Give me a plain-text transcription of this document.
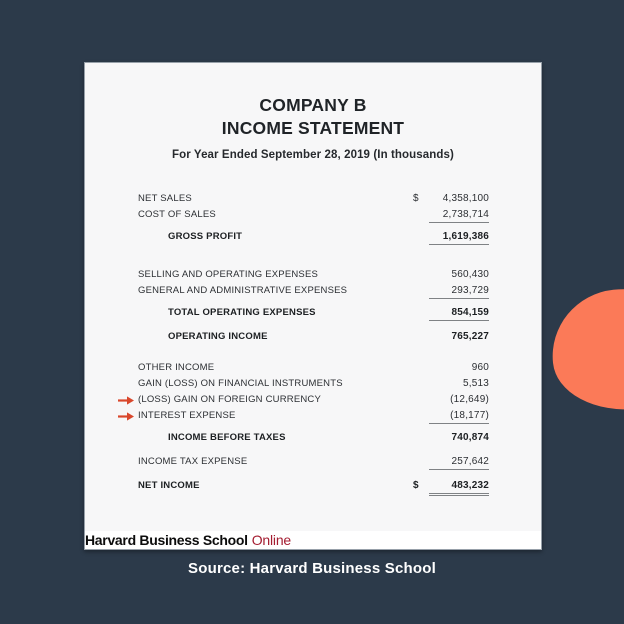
COMPANY B
INCOME STATEMENT
For Year Ended September 28, 2019 (In thousands)
NET SALES	$	4,358,100
COST OF SALES	2,738,714
GROSS PROFIT	1,619,386
SELLING AND OPERATING EXPENSES	560,430
GENERAL AND ADMINISTRATIVE EXPENSES	293,729
TOTAL OPERATING EXPENSES	854,159
OPERATING INCOME	765,227
OTHER INCOME	960
GAIN (LOSS) ON FINANCIAL INSTRUMENTS	5,513
(LOSS) GAIN ON FOREIGN CURRENCY	(12,649)
INTEREST EXPENSE	(18,177)
INCOME BEFORE TAXES	740,874
INCOME TAX EXPENSE	257,642
NET INCOME	$	483,232
Harvard Business School Online
Source: Harvard Business School
